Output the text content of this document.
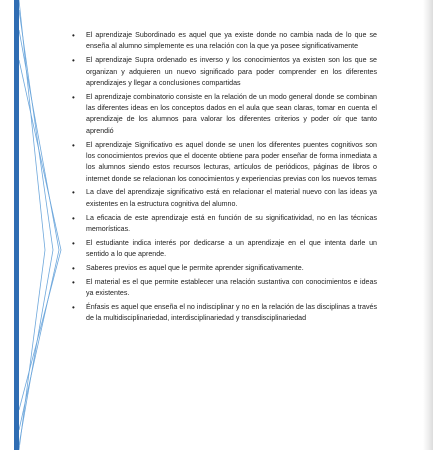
• El aprendizaje Subordinado es aquel que ya existe donde no cambia nada de lo que se enseña al alumno simplemente es una relación con la que ya posee significativamente
• El aprendizaje Supra ordenado es inverso y los conocimientos ya existen son los que se organizan y adquieren un nuevo significado para poder comprender en los diferentes aprendizajes y llegar a conclusiones compartidas
• El aprendizaje combinatorio consiste en la relación de un modo general donde se combinan las diferentes ideas en los conceptos dados en el aula que sean claras, tomar en cuenta el aprendizaje de los alumnos para valorar los diferentes criterios y poder oír que tanto aprendió
• El aprendizaje Significativo es aquel donde se unen los diferentes puentes cognitivos son los conocimientos previos que el docente obtiene para poder enseñar de forma inmediata a los alumnos siendo estos recursos lecturas, artículos de periódicos, páginas de libros o internet donde se relacionan los conocimientos y experiencias previas con los nuevos temas
• La clave del aprendizaje significativo está en relacionar el material nuevo con las ideas ya existentes en la estructura cognitiva del alumno.
• La eficacia de este aprendizaje está en función de su significatividad, no en las técnicas memorísticas.
• El estudiante indica interés por dedicarse a un aprendizaje en el que intenta darle un sentido a lo que aprende.
• Saberes previos es aquel que le permite aprender significativamente.
• El material es el que permite establecer una relación sustantiva con conocimientos e ideas ya existentes.
• Énfasis es aquel que enseña el no indisciplinar y no en la relación de las disciplinas a través de la multidisciplinariedad, interdisciplinariedad y transdisciplinariedad
